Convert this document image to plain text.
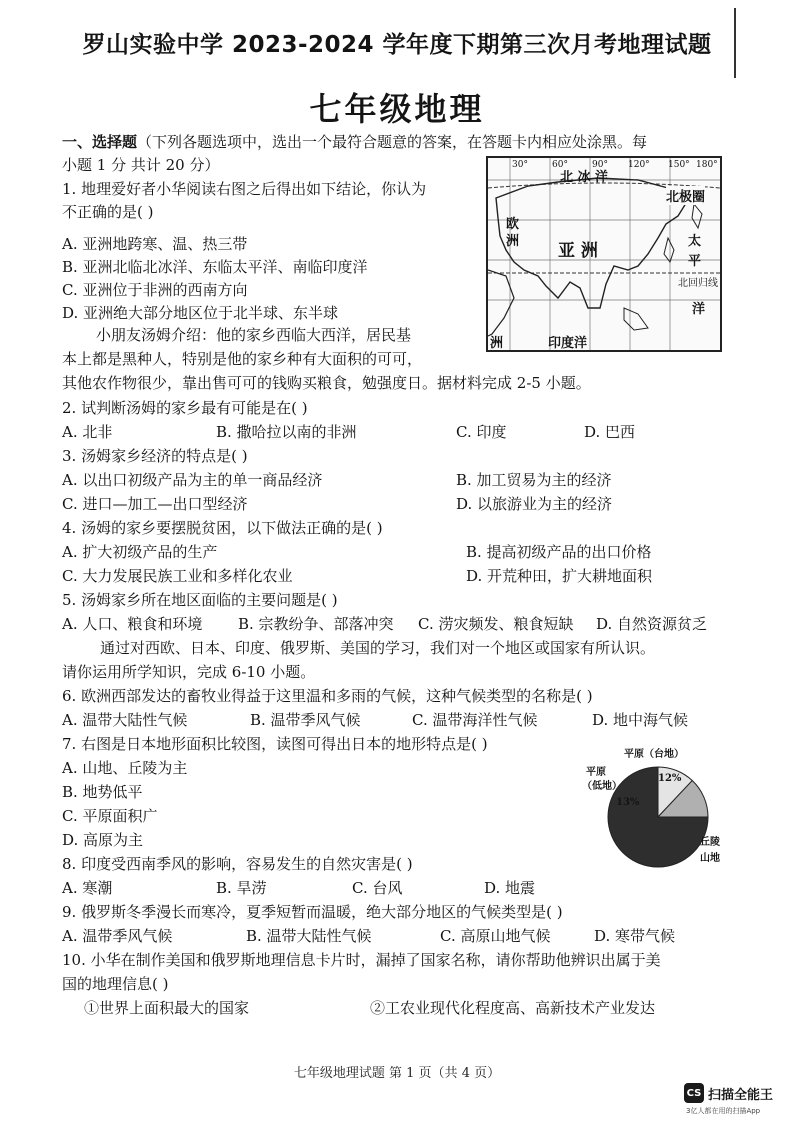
罗山实验中学 2023-2024 学年度下期第三次月考地理试题
七年级地理
一、选择题（下列各题选项中，选出一个最符合题意的答案，在答题卡内相应处涂黑。每
小题 1 分 共计 20 分）
1. 地理爱好者小华阅读右图之后得出如下结论，你认为
不正确的是( )
A. 亚洲地跨寒、温、热三带
B. 亚洲北临北冰洋、东临太平洋、南临印度洋
C. 亚洲位于非洲的西南方向
D. 亚洲绝大部分地区位于北半球、东半球
30°	60°	90° 120° 150° 180°
北 冰 洋
北极圈
欧
洲 亚 洲	太
平
洋
北回归线
洲	印度洋
小朋友汤姆介绍：他的家乡西临大西洋，居民基
本上都是黑种人，特别是他的家乡种有大面积的可可，
其他农作物很少，靠出售可可的钱购买粮食，勉强度日。据材料完成 2-5 小题。
2. 试判断汤姆的家乡最有可能是在( )
A. 北非	B. 撒哈拉以南的非洲	C. 印度	D. 巴西
3. 汤姆家乡经济的特点是( )
A. 以出口初级产品为主的单一商品经济	B. 加工贸易为主的经济
C. 进口—加工—出口型经济	D. 以旅游业为主的经济
4. 汤姆的家乡要摆脱贫困，以下做法正确的是( )
A. 扩大初级产品的生产	B. 提高初级产品的出口价格
C. 大力发展民族工业和多样化农业	D. 开荒种田，扩大耕地面积
5. 汤姆家乡所在地区面临的主要问题是( )
A. 人口、粮食和环境 B. 宗教纷争、部落冲突 C. 涝灾频发、粮食短缺 D. 自然资源贫乏
通过对西欧、日本、印度、俄罗斯、美国的学习，我们对一个地区或国家有所认识。
请你运用所学知识，完成 6-10 小题。
6. 欧洲西部发达的畜牧业得益于这里温和多雨的气候，这种气候类型的名称是( )
A. 温带大陆性气候	B. 温带季风气候	C. 温带海洋性气候	D. 地中海气候
7. 右图是日本地形面积比较图，读图可得出日本的地形特点是( )
A. 山地、丘陵为主
B. 地势低平
C. 平原面积广
D. 高原为主
平原（台地）
平原
（低地）
12%
13%
丘陵
山地
8. 印度受西南季风的影响，容易发生的自然灾害是( )
A. 寒潮	B. 旱涝	C. 台风	D. 地震
9. 俄罗斯冬季漫长而寒冷，夏季短暂而温暖，绝大部分地区的气候类型是( )
A. 温带季风气候	B. 温带大陆性气候	C. 高原山地气候	D. 寒带气候
10. 小华在制作美国和俄罗斯地理信息卡片时，漏掉了国家名称，请你帮助他辨识出属于美
国的地理信息( )
①世界上面积最大的国家	②工农业现代化程度高、高新技术产业发达
七年级地理试题 第 1 页（共 4 页）
CS 扫描全能王
3亿人都在用的扫描App
